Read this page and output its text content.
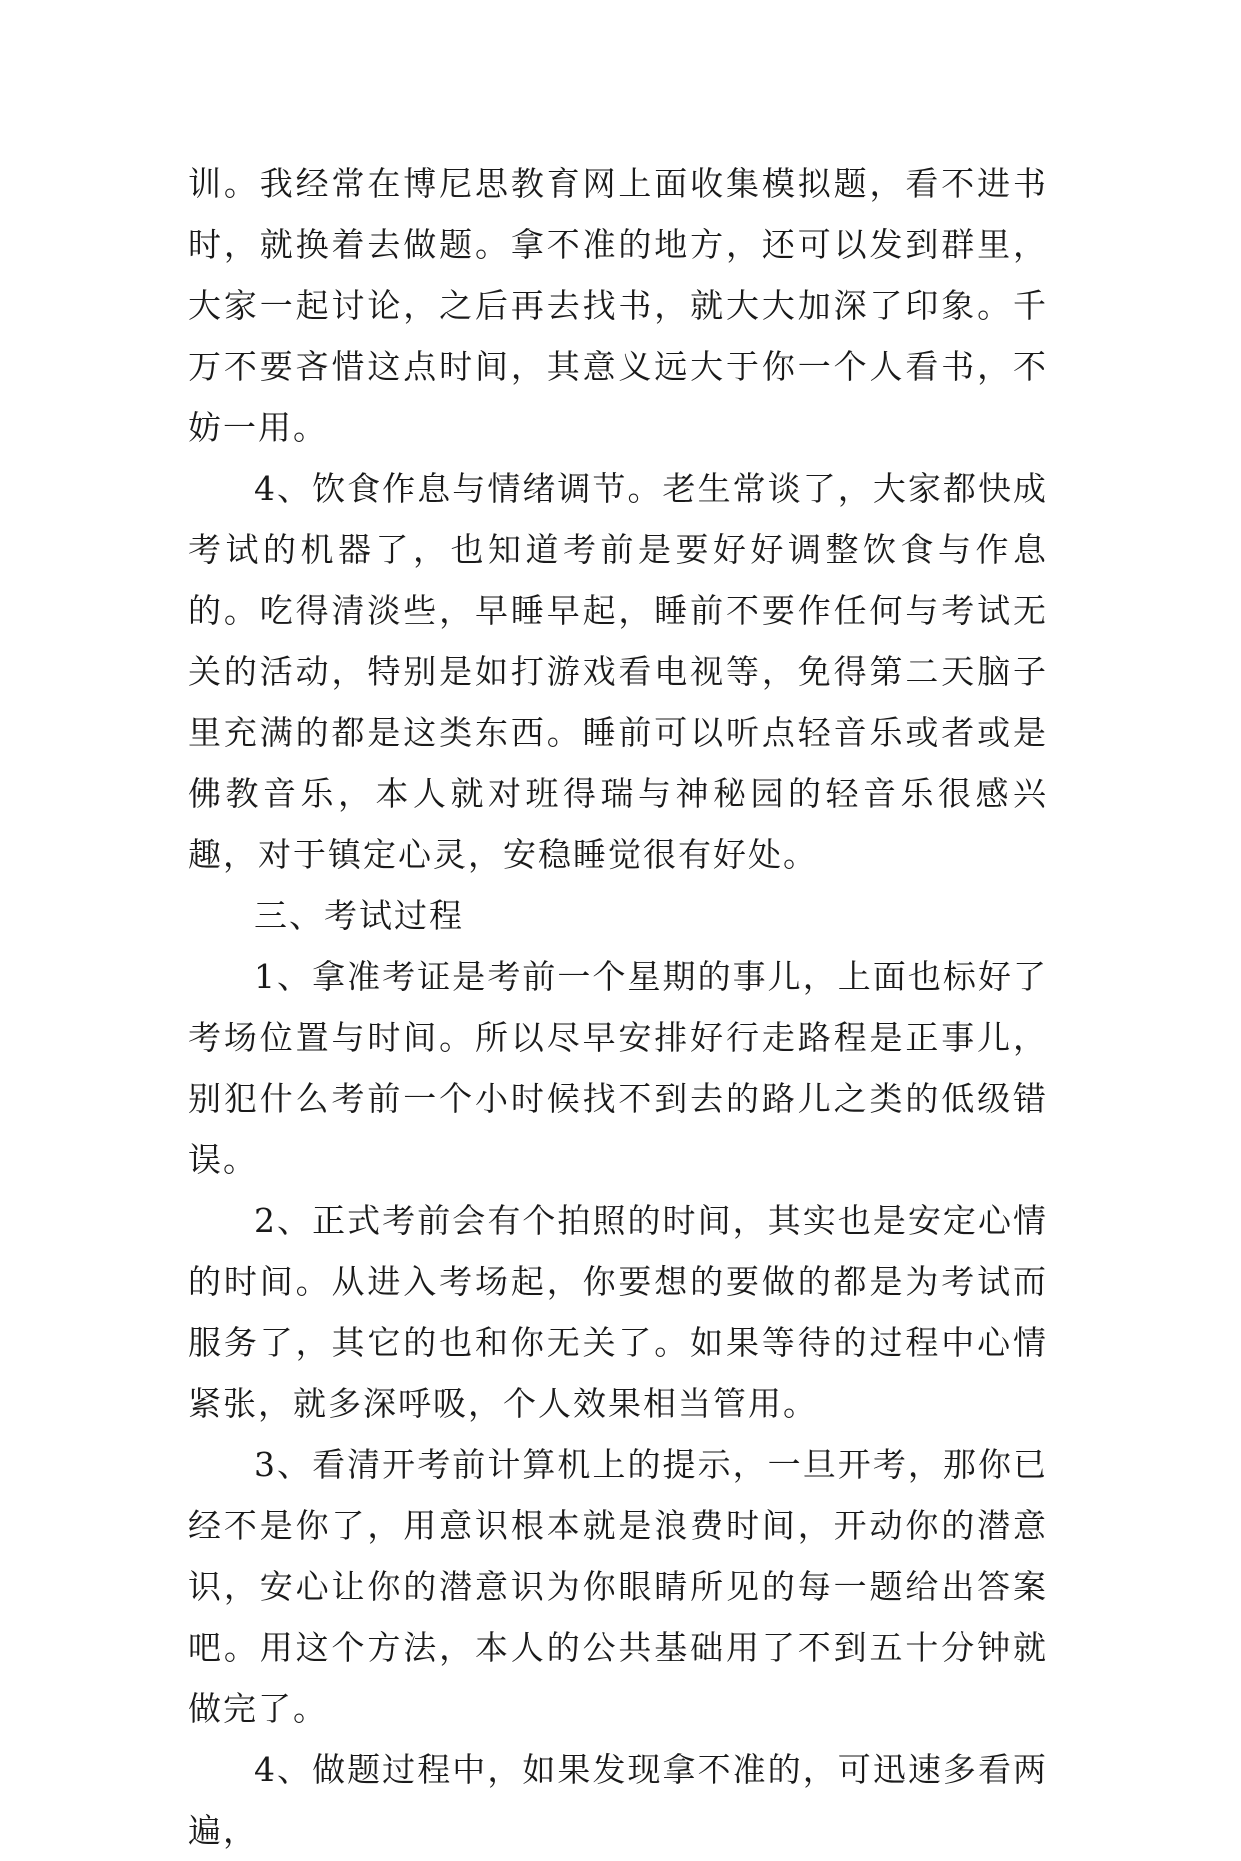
训。我经常在博尼思教育网上面收集模拟题，看不进书时，就换着去做题。拿不准的地方，还可以发到群里，大家一起讨论，之后再去找书，就大大加深了印象。千万不要吝惜这点时间，其意义远大于你一个人看书，不妨一用。

4、饮食作息与情绪调节。老生常谈了，大家都快成考试的机器了，也知道考前是要好好调整饮食与作息的。吃得清淡些，早睡早起，睡前不要作任何与考试无关的活动，特别是如打游戏看电视等，免得第二天脑子里充满的都是这类东西。睡前可以听点轻音乐或者或是佛教音乐，本人就对班得瑞与神秘园的轻音乐很感兴趣，对于镇定心灵，安稳睡觉很有好处。

三、考试过程

1、拿准考证是考前一个星期的事儿，上面也标好了考场位置与时间。所以尽早安排好行走路程是正事儿，别犯什么考前一个小时候找不到去的路儿之类的低级错误。

2、正式考前会有个拍照的时间，其实也是安定心情的时间。从进入考场起，你要想的要做的都是为考试而服务了，其它的也和你无关了。如果等待的过程中心情紧张，就多深呼吸，个人效果相当管用。

3、看清开考前计算机上的提示，一旦开考，那你已经不是你了，用意识根本就是浪费时间，开动你的潜意识，安心让你的潜意识为你眼睛所见的每一题给出答案吧。用这个方法，本人的公共基础用了不到五十分钟就做完了。

4、做题过程中，如果发现拿不准的，可迅速多看两遍，
